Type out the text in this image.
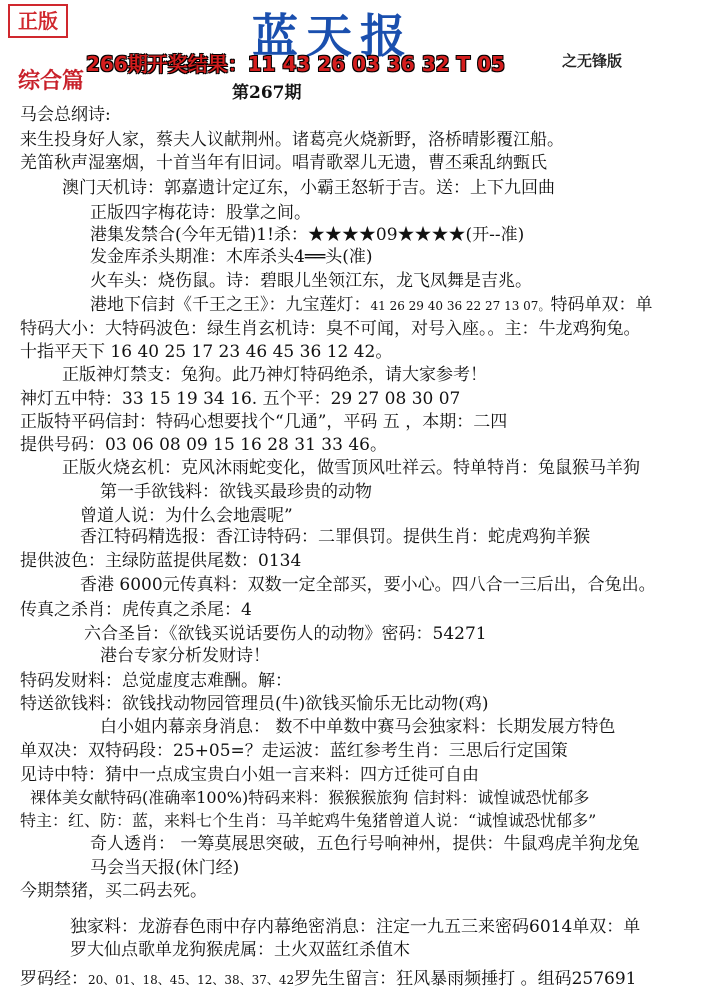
正版	蓝天报
266期开奖结果：11 43 26 03 36 32 T 05	之无锋版
综合篇	第267期
马会总纲诗:
来生投身好人家，蔡夫人议献荆州。诸葛亮火烧新野，洛桥晴影覆江船。
羌笛秋声湿塞烟，十首当年有旧词。唱青歌翠儿无遗，曹丕乘乱纳甄氏
澳门天机诗：郭嘉遗计定辽东，小霸王怒斩于吉。送：上下九回曲
正版四字梅花诗：股掌之间。
港集发禁合(今年无错)1!杀：★★★★09★★★★(开--准)
发金库杀头期准：木库杀头4══头(准)
火车头：烧伤鼠。诗：碧眼儿坐领江东，龙飞凤舞是吉兆。
港地下信封《千王之王》：九宝莲灯：41 26 29 40 36 22 27 13 07。特码单双：单
特码大小：大特码波色：绿生肖玄机诗：臭不可闻，对号入座。。主：牛龙鸡狗兔。
十指平天下 16 40 25 17 23 46 45 36 12 42。
正版神灯禁支：兔狗。此乃神灯特码绝杀，请大家参考！
神灯五中特：33 15 19 34 16. 五个平：29 27 08 30 07
正版特平码信封：特码心想要找个“几通”，平码 五 ，本期：二四
提供号码：03 06 08 09 15 16 28 31 33 46。
正版火烧玄机：克风沐雨蛇变化，做雪顶风吐祥云。特单特肖：兔鼠猴马羊狗
第一手欲钱料：欲钱买最珍贵的动物
曾道人说：为什么会地震呢”
香江特码精选报：香江诗特码：二罪俱罚。提供生肖：蛇虎鸡狗羊猴
提供波色：主绿防蓝提供尾数：0134
香港 6000元传真料：双数一定全部买，要小心。四八合一三后出，合兔出。
传真之杀肖：虎传真之杀尾：4
六合圣旨：《欲钱买说话要伤人的动物》密码：54271
港台专家分析发财诗！
特码发财料：总觉虚度志难酬。解：
特送欲钱料：欲钱找动物园管理员(牛)欲钱买愉乐无比动物(鸡)
白小姐内幕亲身消息： 数不中单数中赛马会独家料：长期发展方特色
单双决：双特码段：25+05=？走运波：蓝红参考生肖：三思后行定国策
见诗中特：猜中一点成宝贵白小姐一言来料：四方迁徙可自由
裸体美女献特码(准确率100%)特码来料：猴猴猴旅狗 信封料：诚惶诚恐忧郁多
特主：红、防：蓝，来料七个生肖：马羊蛇鸡牛兔猪曾道人说：“诚惶诚恐忧郁多”
奇人透肖： 一筹莫展思突破，五色行号响神州，提供：牛鼠鸡虎羊狗龙兔
马会当天报(休门经)
今期禁猪，买二码去死。
独家料：龙游春色雨中存内幕绝密消息：注定一九五三来密码6014单双：单
罗大仙点歌单龙狗猴虎属：土火双蓝红杀值木
罗码经：20、01、18、45、12、38、37、42罗先生留言：狂风暴雨频捶打 。组码257691
